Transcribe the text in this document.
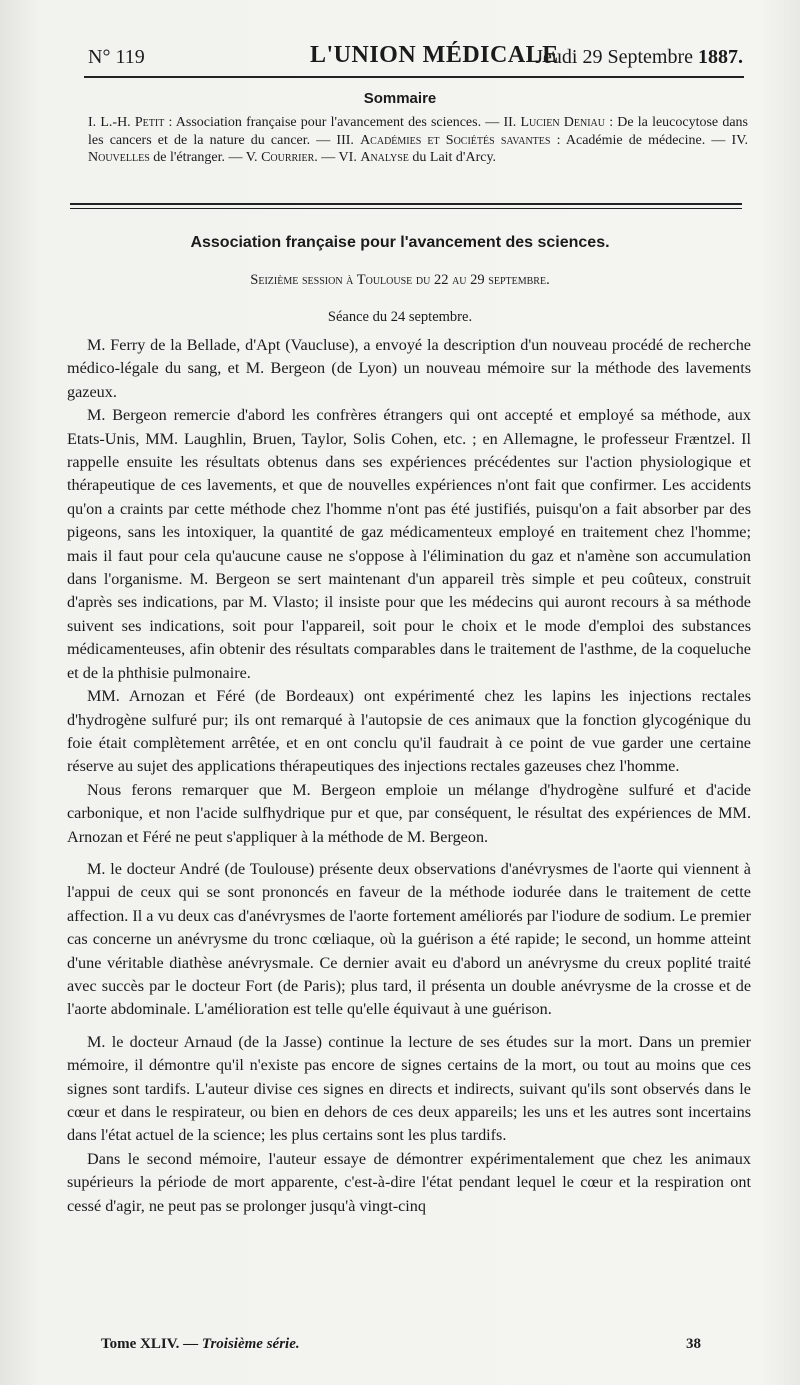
N° 119	L'UNION MÉDICALE
Jeudi 29 Septembre 1887.
Sommaire
I. L.-H. Petit : Association française pour l'avancement des sciences. — II. Lucien Deniau : De la leucocytose dans les cancers et de la nature du cancer. — III. Académies et Sociétés savantes : Académie de médecine. — IV. Nouvelles de l'étranger. — V. Courrier. — VI. Analyse du Lait d'Arcy.
Association française pour l'avancement des sciences.
Seizième session à Toulouse du 22 au 29 septembre.
Séance du 24 septembre.

M. Ferry de la Bellade, d'Apt (Vaucluse), a envoyé la description d'un nouveau procédé de recherche médico-légale du sang, et M. Bergeon (de Lyon) un nouveau mémoire sur la méthode des lavements gazeux.

M. Bergeon remercie d'abord les confrères étrangers qui ont accepté et employé sa méthode, aux Etats-Unis, MM. Laughlin, Bruen, Taylor, Solis Cohen, etc. ; en Allemagne, le professeur Fræntzel. Il rappelle ensuite les résultats obtenus dans ses expériences précédentes sur l'action physiologique et thérapeutique de ces lavements, et que de nouvelles expériences n'ont fait que confirmer. Les accidents qu'on a craints par cette méthode chez l'homme n'ont pas été justifiés, puisqu'on a fait absorber par des pigeons, sans les intoxiquer, la quantité de gaz médicamenteux employé en traitement chez l'homme; mais il faut pour cela qu'aucune cause ne s'oppose à l'élimination du gaz et n'amène son accumulation dans l'organisme. M. Bergeon se sert maintenant d'un appareil très simple et peu coûteux, construit d'après ses indications, par M. Vlasto; il insiste pour que les médecins qui auront recours à sa méthode suivent ses indications, soit pour l'appareil, soit pour le choix et le mode d'emploi des substances médicamenteuses, afin obtenir des résultats comparables dans le traitement de l'asthme, de la coqueluche et de la phthisie pulmonaire.

MM. Arnozan et Féré (de Bordeaux) ont expérimenté chez les lapins les injections rectales d'hydrogène sulfuré pur; ils ont remarqué à l'autopsie de ces animaux que la fonction glycogénique du foie était complètement arrêtée, et en ont conclu qu'il faudrait à ce point de vue garder une certaine réserve au sujet des applications thérapeutiques des injections rectales gazeuses chez l'homme.

Nous ferons remarquer que M. Bergeon emploie un mélange d'hydrogène sulfuré et d'acide carbonique, et non l'acide sulfhydrique pur et que, par conséquent, le résultat des expériences de MM. Arnozan et Féré ne peut s'appliquer à la méthode de M. Bergeon.

M. le docteur André (de Toulouse) présente deux observations d'anévrysmes de l'aorte qui viennent à l'appui de ceux qui se sont prononcés en faveur de la méthode iodurée dans le traitement de cette affection. Il a vu deux cas d'anévrysmes de l'aorte fortement améliorés par l'iodure de sodium. Le premier cas concerne un anévrysme du tronc cœliaque, où la guérison a été rapide; le second, un homme atteint d'une véritable diathèse anévrysmale. Ce dernier avait eu d'abord un anévrysme du creux poplité traité avec succès par le docteur Fort (de Paris); plus tard, il présenta un double anévrysme de la crosse et de l'aorte abdominale. L'amélioration est telle qu'elle équivaut à une guérison.

M. le docteur Arnaud (de la Jasse) continue la lecture de ses études sur la mort. Dans un premier mémoire, il démontre qu'il n'existe pas encore de signes certains de la mort, ou tout au moins que ces signes sont tardifs. L'auteur divise ces signes en directs et indirects, suivant qu'ils sont observés dans le cœur et dans le respirateur, ou bien en dehors de ces deux appareils; les uns et les autres sont incertains dans l'état actuel de la science; les plus certains sont les plus tardifs.

Dans le second mémoire, l'auteur essaye de démontrer expérimentalement que chez les animaux supérieurs la période de mort apparente, c'est-à-dire l'état pendant lequel le cœur et la respiration ont cessé d'agir, ne peut pas se prolonger jusqu'à vingt-cinq

Tome XLIV. — Troisième série.	38
